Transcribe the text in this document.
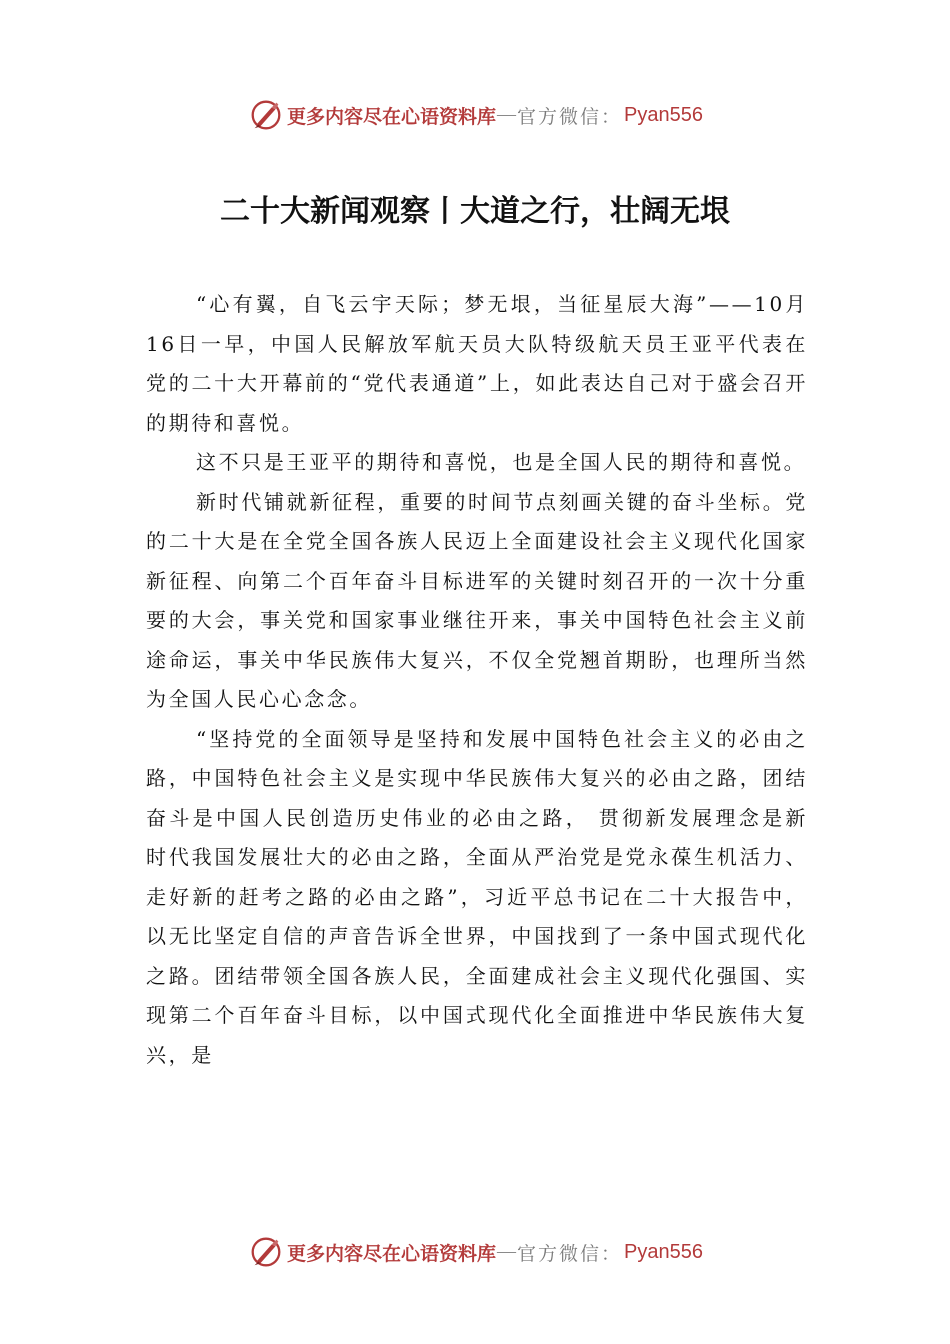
更多内容尽在心语资料库 — 官方微信： Pyan556
二十大新闻观察丨大道之行，壮阔无垠

“心有翼，自飞云宇天际；梦无垠，当征星辰大海”——10月16日一早，中国人民解放军航天员大队特级航天员王亚平代表在党的二十大开幕前的“党代表通道”上，如此表达自己对于盛会召开的期待和喜悦。

这不只是王亚平的期待和喜悦，也是全国人民的期待和喜悦。

新时代铺就新征程，重要的时间节点刻画关键的奋斗坐标。党的二十大是在全党全国各族人民迈上全面建设社会主义现代化国家新征程、向第二个百年奋斗目标进军的关键时刻召开的一次十分重要的大会，事关党和国家事业继往开来，事关中国特色社会主义前途命运，事关中华民族伟大复兴，不仅全党翘首期盼，也理所当然为全国人民心心念念。

“坚持党的全面领导是坚持和发展中国特色社会主义的必由之路，中国特色社会主义是实现中华民族伟大复兴的必由之路，团结奋斗是中国人民创造历史伟业的必由之路， 贯彻新发展理念是新时代我国发展壮大的必由之路，全面从严治党是党永葆生机活力、走好新的赶考之路的必由之路”，习近平总书记在二十大报告中，以无比坚定自信的声音告诉全世界，中国找到了一条中国式现代化之路。团结带领全国各族人民，全面建成社会主义现代化强国、实现第二个百年奋斗目标，以中国式现代化全面推进中华民族伟大复兴，是

更多内容尽在心语资料库 — 官方微信： Pyan556
